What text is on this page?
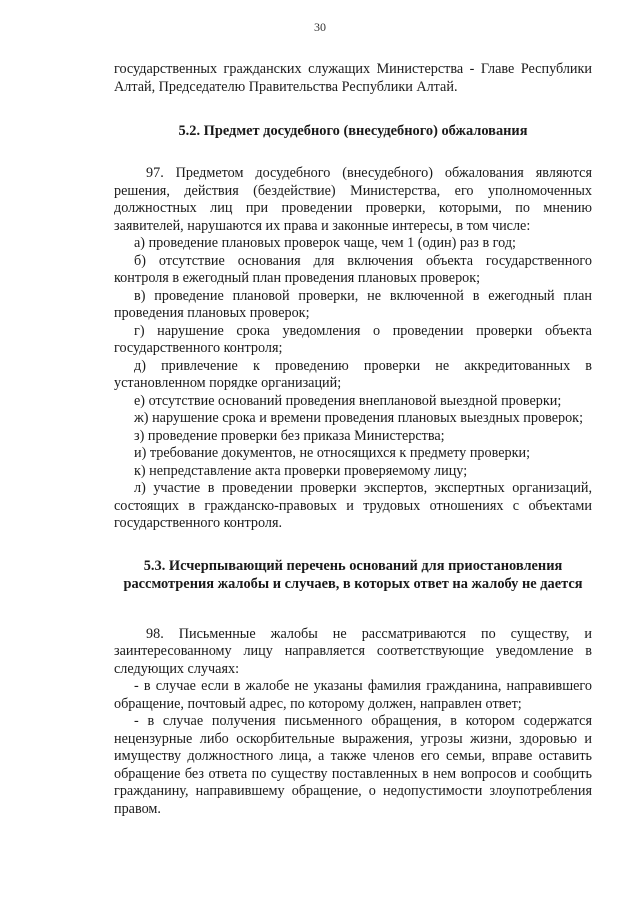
30

государственных гражданских служащих Министерства - Главе Республики Алтай, Председателю Правительства Республики Алтай.

5.2. Предмет досудебного (внесудебного) обжалования

97. Предметом досудебного (внесудебного) обжалования являются решения, действия (бездействие) Министерства, его уполномоченных должностных лиц при проведении проверки, которыми, по мнению заявителей, нарушаются их права и законные интересы, в том числе:

а) проведение плановых проверок чаще, чем 1 (один) раз в год;

б) отсутствие основания для включения объекта государственного контроля в ежегодный план проведения плановых проверок;

в) проведение плановой проверки, не включенной в ежегодный план проведения плановых проверок;

г) нарушение срока уведомления о проведении проверки объекта государственного контроля;

д) привлечение к проведению проверки не аккредитованных в установленном порядке организаций;

е) отсутствие оснований проведения внеплановой выездной проверки;

ж) нарушение срока и времени проведения плановых выездных проверок;

з) проведение проверки без приказа Министерства;

и) требование документов, не относящихся к предмету проверки;

к) непредставление акта проверки проверяемому лицу;

л) участие в проведении проверки экспертов, экспертных организаций, состоящих в гражданско-правовых и трудовых отношениях с объектами государственного контроля.

5.3. Исчерпывающий перечень оснований для приостановления рассмотрения жалобы и случаев, в которых ответ на жалобу не дается

98. Письменные жалобы не рассматриваются по существу, и заинтересованному лицу направляется соответствующие уведомление в следующих случаях:

- в случае если в жалобе не указаны фамилия гражданина, направившего обращение, почтовый адрес, по которому должен, направлен ответ;

- в случае получения письменного обращения, в котором содержатся нецензурные либо оскорбительные выражения, угрозы жизни, здоровью и имуществу должностного лица, а также членов его семьи, вправе оставить обращение без ответа по существу поставленных в нем вопросов и сообщить гражданину, направившему обращение, о недопустимости злоупотребления правом.
